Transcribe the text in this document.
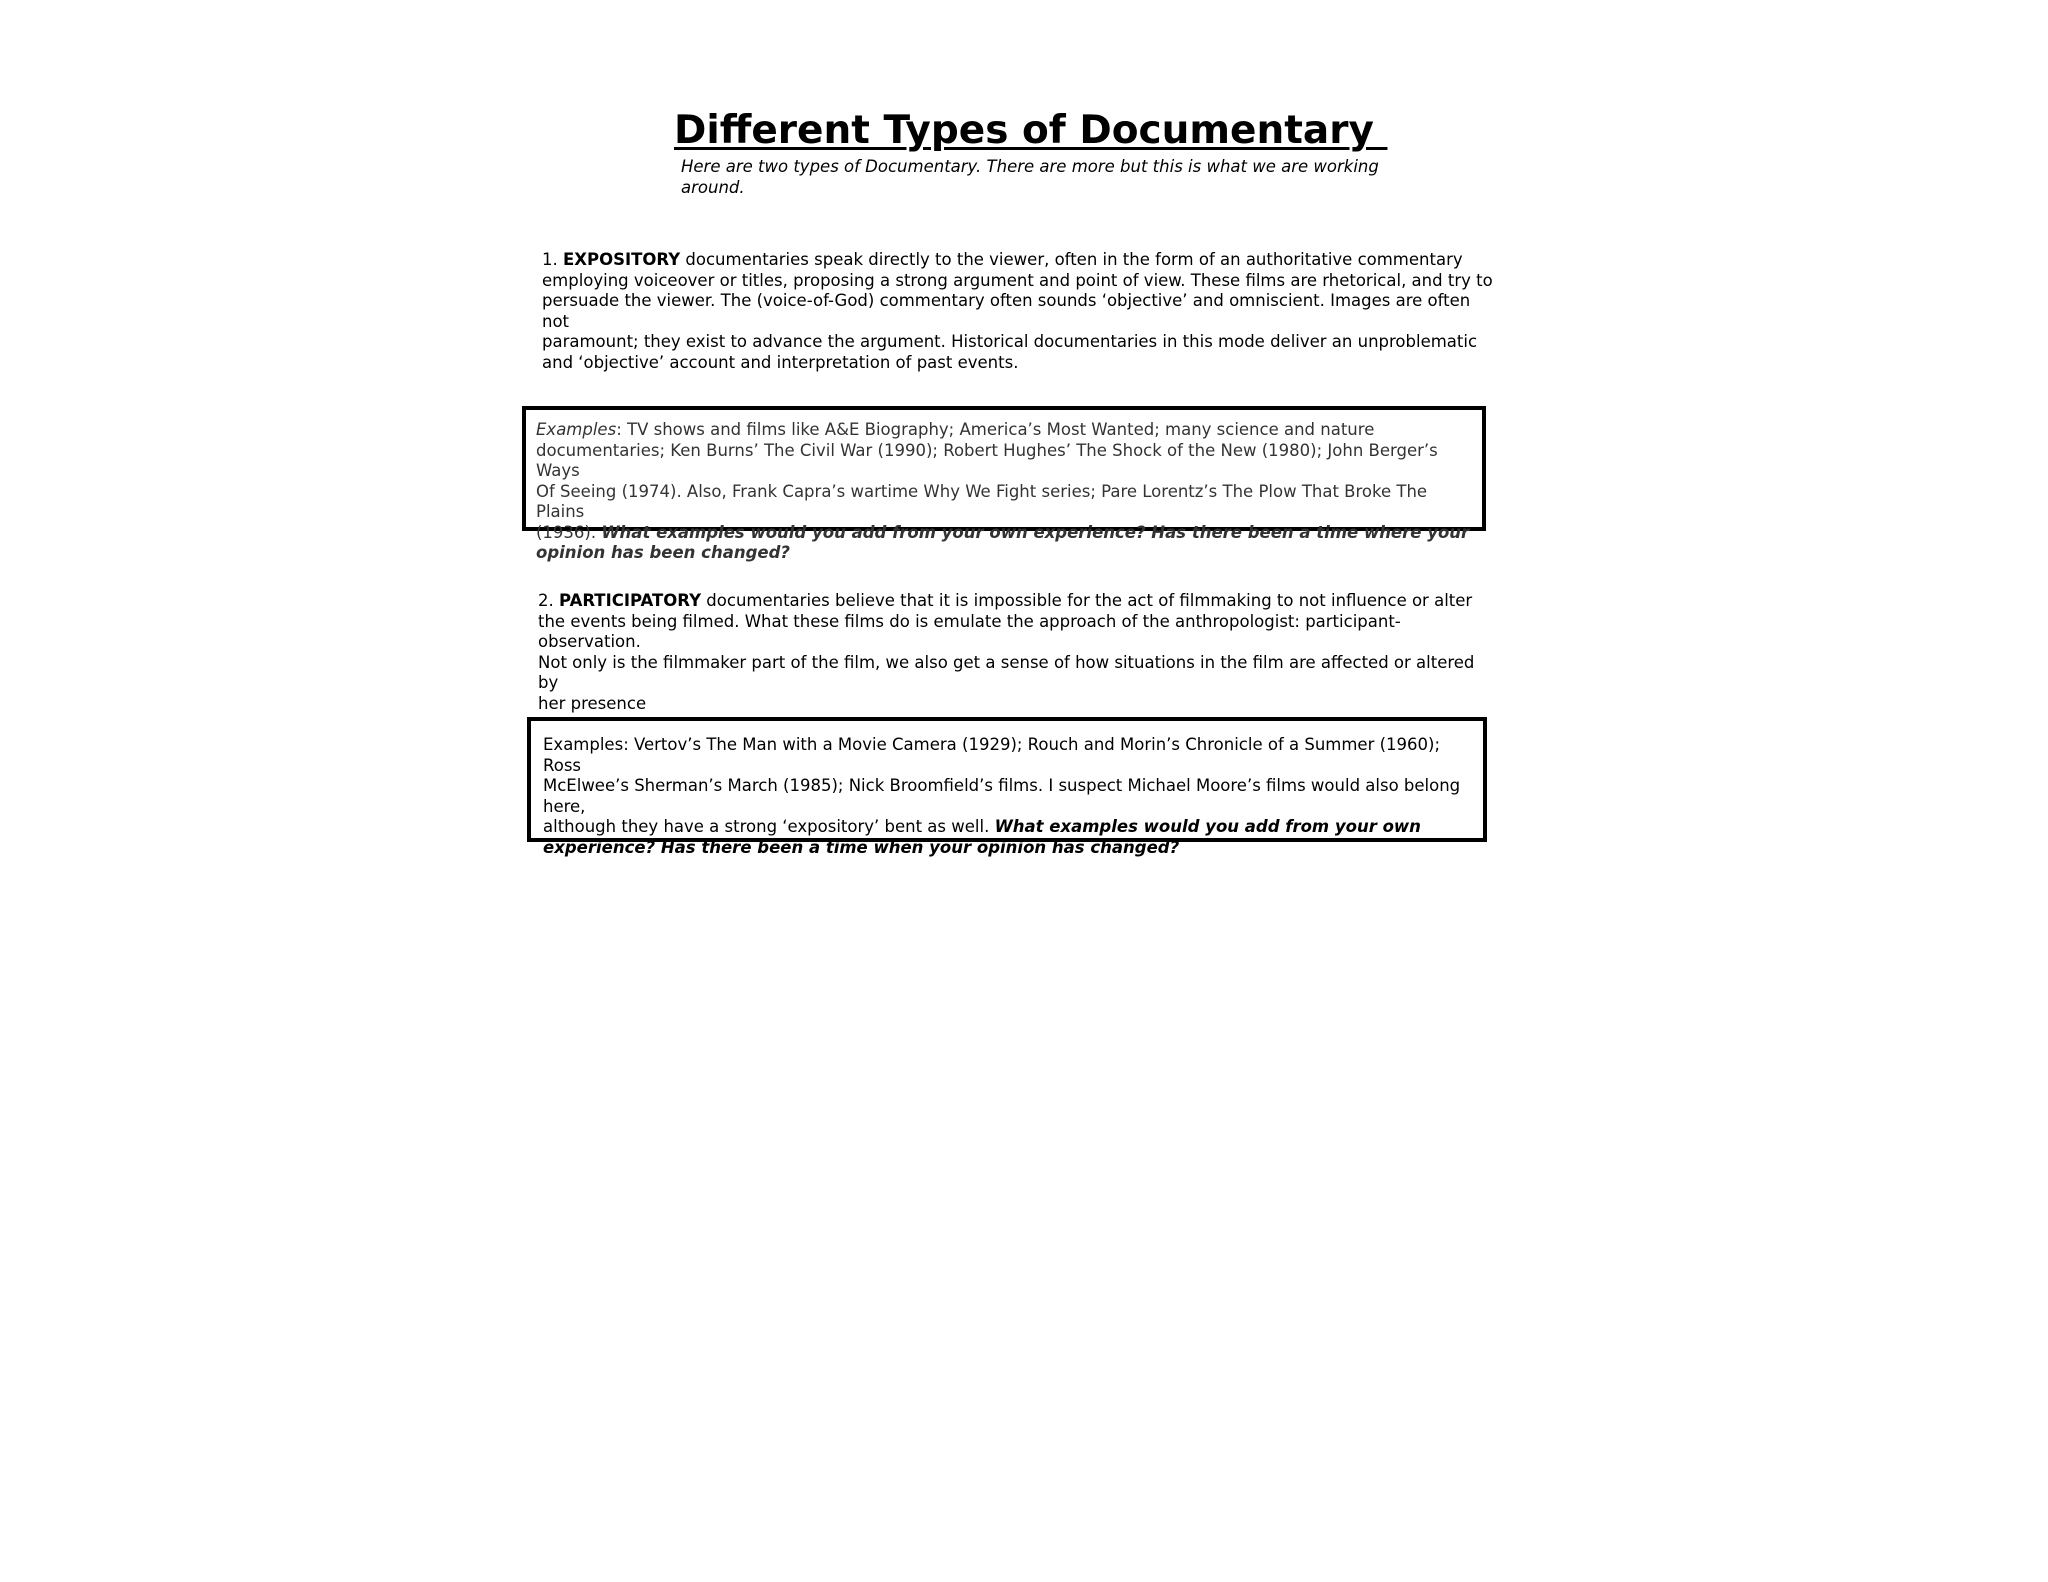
Different Types of Documentary

Here are two types of Documentary. There are more but this is what we are working
around.

1. EXPOSITORY documentaries speak directly to the viewer, often in the form of an authoritative commentary
employing voiceover or titles, proposing a strong argument and point of view. These films are rhetorical, and try to
persuade the viewer. The (voice-of-God) commentary often sounds ‘objective’ and omniscient. Images are often not
paramount; they exist to advance the argument. Historical documentaries in this mode deliver an unproblematic
and ‘objective’ account and interpretation of past events.

Examples: TV shows and films like A&E Biography; America’s Most Wanted; many science and nature
documentaries; Ken Burns’ The Civil War (1990); Robert Hughes’ The Shock of the New (1980); John Berger’s Ways
Of Seeing (1974). Also, Frank Capra’s wartime Why We Fight series; Pare Lorentz’s The Plow That Broke The Plains
(1936). What examples would you add from your own experience? Has there been a time where your
opinion has been changed?

2. PARTICIPATORY documentaries believe that it is impossible for the act of filmmaking to not influence or alter
the events being filmed. What these films do is emulate the approach of the anthropologist: participant-observation.
Not only is the filmmaker part of the film, we also get a sense of how situations in the film are affected or altered by
her presence

Examples: Vertov’s The Man with a Movie Camera (1929); Rouch and Morin’s Chronicle of a Summer (1960); Ross
McElwee’s Sherman’s March (1985); Nick Broomfield’s films. I suspect Michael Moore’s films would also belong here,
although they have a strong ‘expository’ bent as well. What examples would you add from your own
experience? Has there been a time when your opinion has changed?
